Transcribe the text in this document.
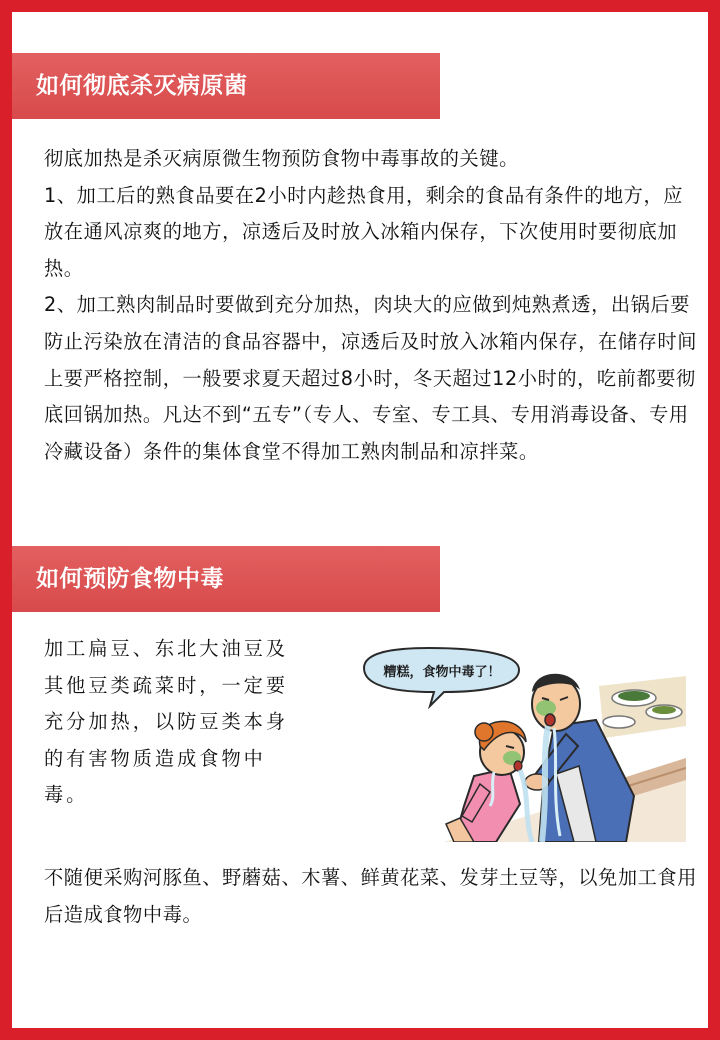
如何彻底杀灭病原菌

彻底加热是杀灭病原微生物预防食物中毒事故的关键。

1、加工后的熟食品要在2小时内趁热食用，剩余的食品有条件的地方，应放在通风凉爽的地方，凉透后及时放入冰箱内保存，下次使用时要彻底加热。

2、加工熟肉制品时要做到充分加热，肉块大的应做到炖熟煮透，出锅后要防止污染放在清洁的食品容器中，凉透后及时放入冰箱内保存，在储存时间上要严格控制，一般要求夏天超过8小时，冬天超过12小时的，吃前都要彻底回锅加热。凡达不到“五专”（专人、专室、专工具、专用消毒设备、专用冷藏设备）条件的集体食堂不得加工熟肉制品和凉拌菜。

如何预防食物中毒

加工扁豆、东北大油豆及其他豆类疏菜时，一定要充分加热，以防豆类本身的有害物质造成食物中毒。

糟糕，食物中毒了！

不随便采购河豚鱼、野蘑菇、木薯、鲜黄花菜、发芽土豆等，以免加工食用后造成食物中毒。
